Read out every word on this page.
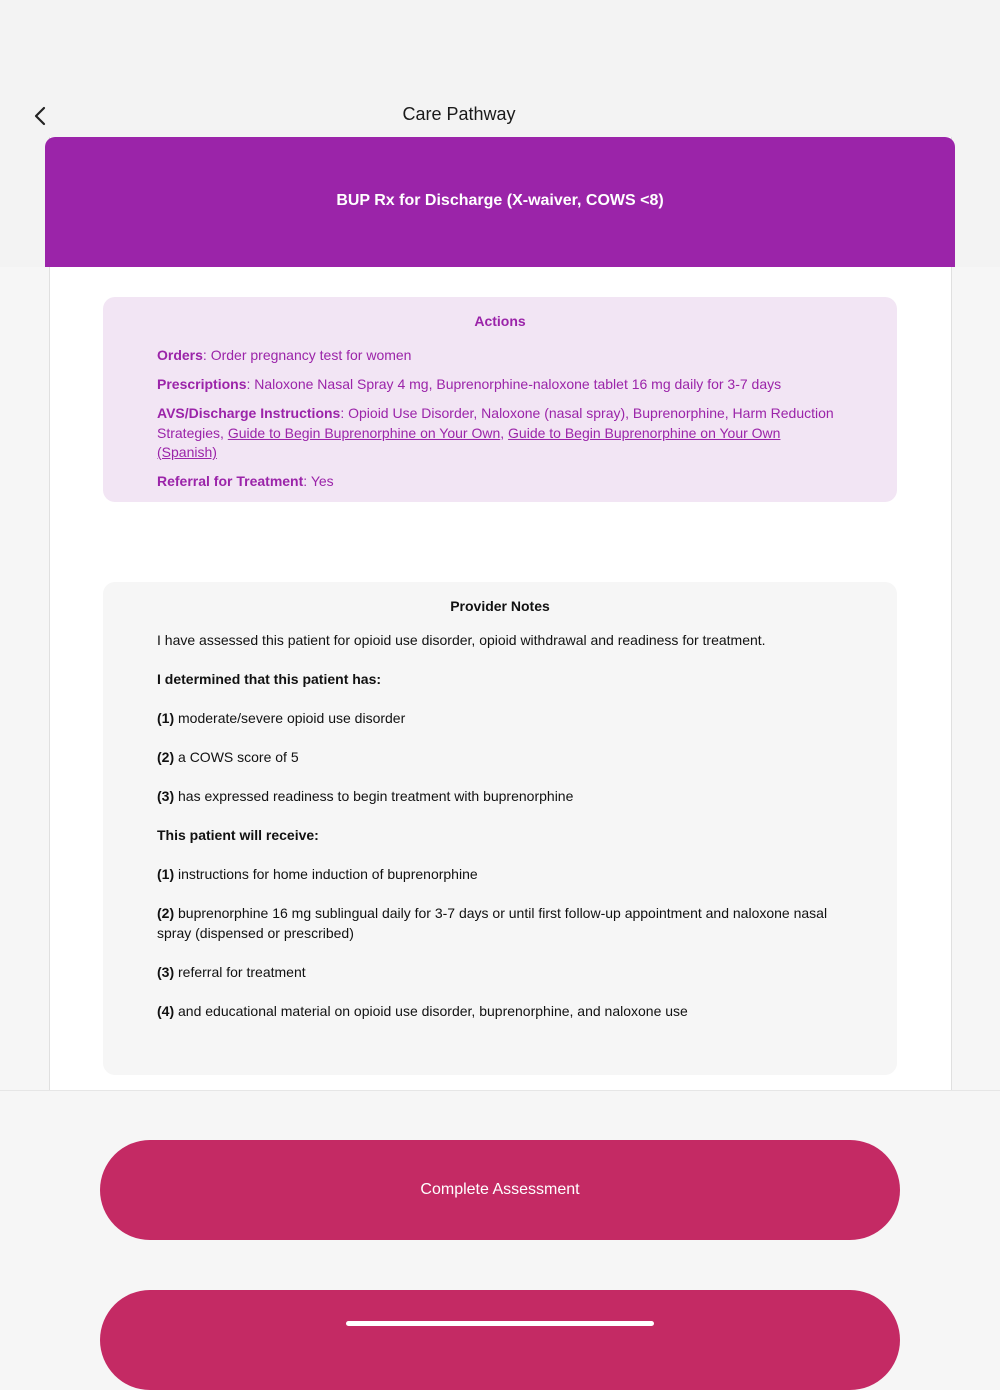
Care Pathway
BUP Rx for Discharge (X-waiver, COWS <8)
Actions
Orders: Order pregnancy test for women
Prescriptions: Naloxone Nasal Spray 4 mg, Buprenorphine-naloxone tablet 16 mg daily for 3-7 days
AVS/Discharge Instructions: Opioid Use Disorder, Naloxone (nasal spray), Buprenorphine, Harm Reduction Strategies, Guide to Begin Buprenorphine on Your Own, Guide to Begin Buprenorphine on Your Own (Spanish)
Referral for Treatment: Yes
Provider Notes
I have assessed this patient for opioid use disorder, opioid withdrawal and readiness for treatment.
I determined that this patient has:
(1) moderate/severe opioid use disorder
(2) a COWS score of 5
(3) has expressed readiness to begin treatment with buprenorphine
This patient will receive:
(1) instructions for home induction of buprenorphine
(2) buprenorphine 16 mg sublingual daily for 3-7 days or until first follow-up appointment and naloxone nasal spray (dispensed or prescribed)
(3) referral for treatment
(4) and educational material on opioid use disorder, buprenorphine, and naloxone use
Complete Assessment
